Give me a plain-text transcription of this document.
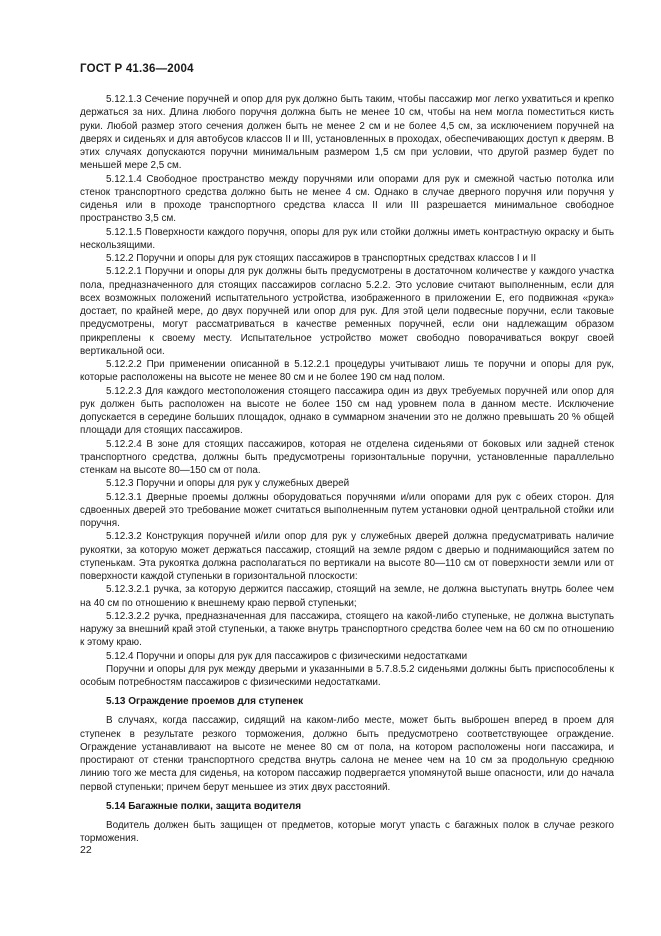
ГОСТ Р 41.36—2004

5.12.1.3 Сечение поручней и опор для рук должно быть таким, чтобы пассажир мог легко ухватиться и крепко держаться за них. Длина любого поручня должна быть не менее 10 см, чтобы на нем могла поместиться кисть руки. Любой размер этого сечения должен быть не менее 2 см и не более 4,5 см, за исключением поручней на дверях и сиденьях и для автобусов классов II и III, установленных в проходах, обеспечивающих доступ к дверям. В этих случаях допускаются поручни минимальным размером 1,5 см при условии, что другой размер будет по меньшей мере 2,5 см.

5.12.1.4 Свободное пространство между поручнями или опорами для рук и смежной частью потолка или стенок транспортного средства должно быть не менее 4 см. Однако в случае дверного поручня или поручня у сиденья или в проходе транспортного средства класса II или III разрешается минимальное свободное пространство 3,5 см.

5.12.1.5 Поверхности каждого поручня, опоры для рук или стойки должны иметь контрастную окраску и быть нескользящими.

5.12.2 Поручни и опоры для рук стоящих пассажиров в транспортных средствах классов I и II

5.12.2.1 Поручни и опоры для рук должны быть предусмотрены в достаточном количестве у каждого участка пола, предназначенного для стоящих пассажиров согласно 5.2.2. Это условие считают выполненным, если для всех возможных положений испытательного устройства, изображенного в приложении Е, его подвижная «рука» достает, по крайней мере, до двух поручней или опор для рук. Для этой цели подвесные поручни, если таковые предусмотрены, могут рассматриваться в качестве ременных поручней, если они надлежащим образом прикреплены к своему месту. Испытательное устройство может свободно поворачиваться вокруг своей вертикальной оси.

5.12.2.2 При применении описанной в 5.12.2.1 процедуры учитывают лишь те поручни и опоры для рук, которые расположены на высоте не менее 80 см и не более 190 см над полом.

5.12.2.3 Для каждого местоположения стоящего пассажира один из двух требуемых поручней или опор для рук должен быть расположен на высоте не более 150 см над уровнем пола в данном месте. Исключение допускается в середине больших площадок, однако в суммарном значении это не должно превышать 20 % общей площади для стоящих пассажиров.

5.12.2.4 В зоне для стоящих пассажиров, которая не отделена сиденьями от боковых или задней стенок транспортного средства, должны быть предусмотрены горизонтальные поручни, установленные параллельно стенкам на высоте 80—150 см от пола.

5.12.3 Поручни и опоры для рук у служебных дверей

5.12.3.1 Дверные проемы должны оборудоваться поручнями и/или опорами для рук с обеих сторон. Для сдвоенных дверей это требование может считаться выполненным путем установки одной центральной стойки или поручня.

5.12.3.2 Конструкция поручней и/или опор для рук у служебных дверей должна предусматривать наличие рукоятки, за которую может держаться пассажир, стоящий на земле рядом с дверью и поднимающийся затем по ступенькам. Эта рукоятка должна располагаться по вертикали на высоте 80—110 см от поверхности земли или от поверхности каждой ступеньки в горизонтальной плоскости:

5.12.3.2.1 ручка, за которую держится пассажир, стоящий на земле, не должна выступать внутрь более чем на 40 см по отношению к внешнему краю первой ступеньки;

5.12.3.2.2 ручка, предназначенная для пассажира, стоящего на какой-либо ступеньке, не должна выступать наружу за внешний край этой ступеньки, а также внутрь транспортного средства более чем на 60 см по отношению к этому краю.

5.12.4 Поручни и опоры для рук для пассажиров с физическими недостатками

Поручни и опоры для рук между дверьми и указанными в 5.7.8.5.2 сиденьями должны быть приспособлены к особым потребностям пассажиров с физическими недостатками.

5.13 Ограждение проемов для ступенек

В случаях, когда пассажир, сидящий на каком-либо месте, может быть выброшен вперед в проем для ступенек в результате резкого торможения, должно быть предусмотрено соответствующее ограждение. Ограждение устанавливают на высоте не менее 80 см от пола, на котором расположены ноги пассажира, и простирают от стенки транспортного средства внутрь салона не менее чем на 10 см за продольную среднюю линию того же места для сиденья, на котором пассажир подвергается упомянутой выше опасности, или до начала первой ступеньки; причем берут меньшее из этих двух расстояний.

5.14 Багажные полки, защита водителя

Водитель должен быть защищен от предметов, которые могут упасть с багажных полок в случае резкого торможения.

22
